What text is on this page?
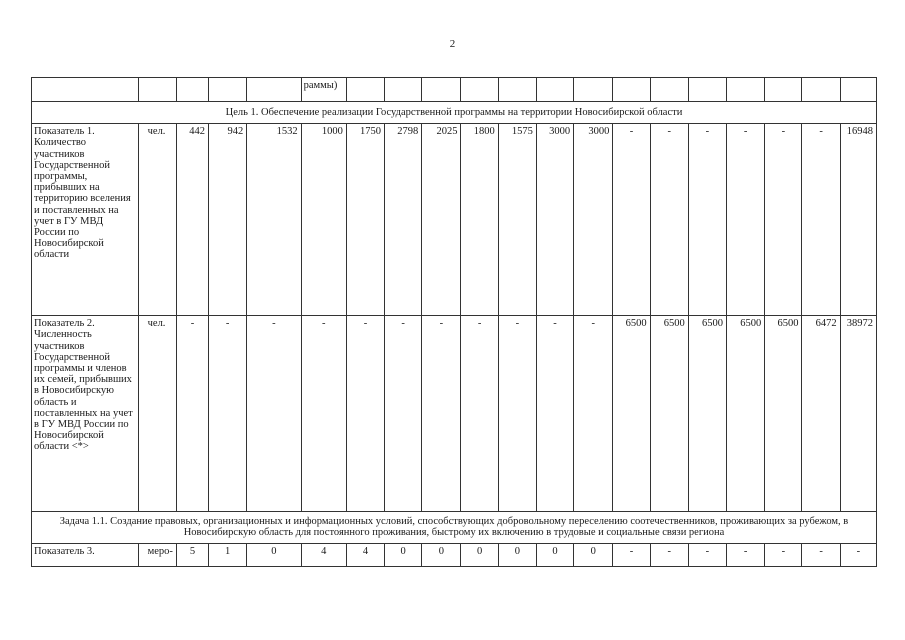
2
					раммы)														
Цель 1. Обеспечение реализации Государственной программы на территории Новосибирской области																			
Показатель 1. Количество участников Государственной программы, прибывших на территорию вселения и поставленных на учет в ГУ МВД России по Новосибирской области	чел.	442	942	1532	1000	1750	2798	2025	1800	1575	3000	3000	-	-	-	-	-	-	16948
Показатель 2. Численность участников Государственной программы и членов их семей, прибывших в Новосибирскую область и поставленных на учет в ГУ МВД России по Новосибирской области <*>	чел.	-	-	-	-	-	-	-	-	-	-	-	6500	6500	6500	6500	6500	6472	38972
Задача 1.1. Создание правовых, организационных и информационных условий, способствующих добровольному переселению соотечественников, проживающих за рубежом, в Новосибирскую область для постоянного проживания, быстрому их включению в трудовые и социальные связи региона																			
Показатель 3.	меро-	5	1	0	4	4	0	0	0	0	0	0	-	-	-	-	-	-	-
